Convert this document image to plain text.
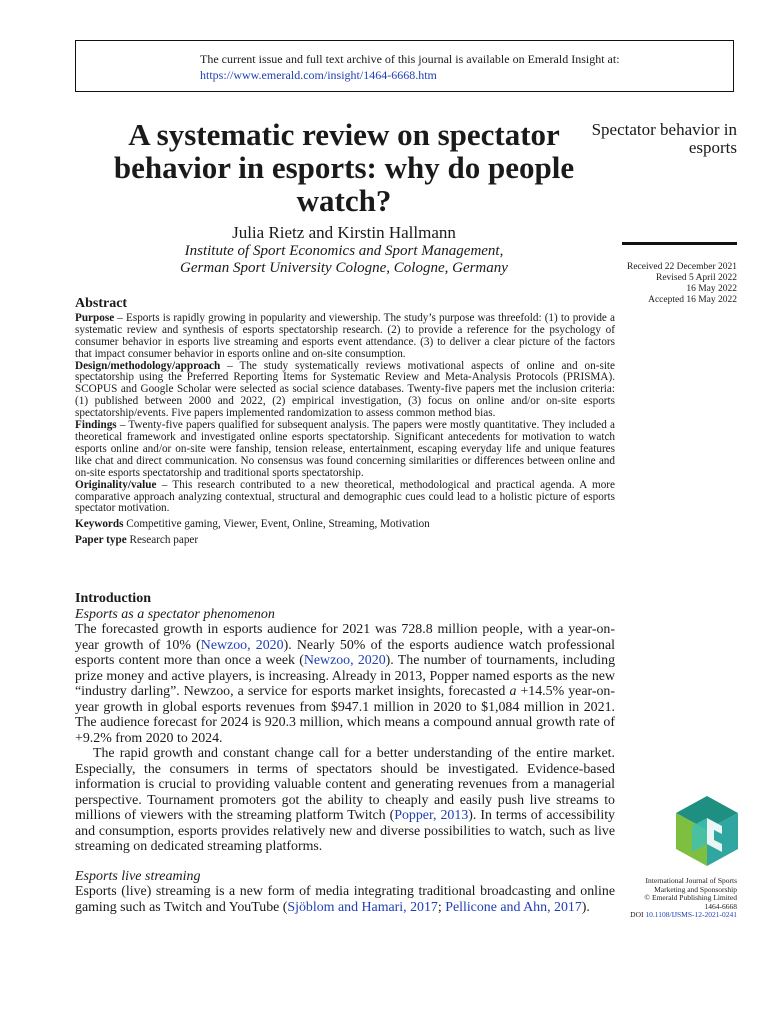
The current issue and full text archive of this journal is available on Emerald Insight at:
https://www.emerald.com/insight/1464-6668.htm
A systematic review on spectator behavior in esports: why do people watch?
Spectator behavior in esports
Julia Rietz and Kirstin Hallmann
Institute of Sport Economics and Sport Management,
German Sport University Cologne, Cologne, Germany	Received 22 December 2021
Revised 5 April 2022
16 May 2022
Accepted 16 May 2022
Abstract

Purpose – Esports is rapidly growing in popularity and viewership. The study’s purpose was threefold: (1) to provide a systematic review and synthesis of esports spectatorship research. (2) to provide a reference for the psychology of consumer behavior in esports live streaming and esports event attendance. (3) to deliver a clear picture of the factors that impact consumer behavior in esports online and on-site consumption.

Design/methodology/approach – The study systematically reviews motivational aspects of online and on-site spectatorship using the Preferred Reporting Items for Systematic Review and Meta-Analysis Protocols (PRISMA). SCOPUS and Google Scholar were selected as social science databases. Twenty-five papers met the inclusion criteria: (1) published between 2000 and 2022, (2) empirical investigation, (3) focus on online and/or on-site esports spectatorship/events. Five papers implemented randomization to assess common method bias.

Findings – Twenty-five papers qualified for subsequent analysis. The papers were mostly quantitative. They included a theoretical framework and investigated online esports spectatorship. Significant antecedents for motivation to watch esports online and/or on-site were fanship, tension release, entertainment, escaping everyday life and unique features like chat and direct communication. No consensus was found concerning similarities or differences between online and on-site esports spectatorship and traditional sports spectatorship.

Originality/value – This research contributed to a new theoretical, methodological and practical agenda. A more comparative approach analyzing contextual, structural and demographic cues could lead to a holistic picture of esports spectator motivation.

Keywords Competitive gaming, Viewer, Event, Online, Streaming, Motivation

Paper type Research paper

Introduction
Esports as a spectator phenomenon

The forecasted growth in esports audience for 2021 was 728.8 million people, with a year-on-year growth of 10% (Newzoo, 2020). Nearly 50% of the esports audience watch professional esports content more than once a week (Newzoo, 2020). The number of tournaments, including prize money and active players, is increasing. Already in 2013, Popper named esports as the new “industry darling”. Newzoo, a service for esports market insights, forecasted a +14.5% year-on-year growth in global esports revenues from $947.1 million in 2020 to $1,084 million in 2021. The audience forecast for 2024 is 920.3 million, which means a compound annual growth rate of +9.2% from 2020 to 2024.

The rapid growth and constant change call for a better understanding of the entire market. Especially, the consumers in terms of spectators should be investigated. Evidence-based information is crucial to providing valuable content and generating revenues from a managerial perspective. Tournament promoters got the ability to cheaply and easily push live streams to millions of viewers with the streaming platform Twitch (Popper, 2013). In terms of accessibility and consumption, esports provides relatively new and diverse possibilities to watch, such as live streaming on dedicated streaming platforms.

Esports live streaming

Esports (live) streaming is a new form of media integrating traditional broadcasting and online gaming such as Twitch and YouTube (Sjöblom and Hamari, 2017; Pellicone and Ahn, 2017).

International Journal of Sports
Marketing and Sponsorship
© Emerald Publishing Limited
1464-6668
DOI 10.1108/IJSMS-12-2021-0241
